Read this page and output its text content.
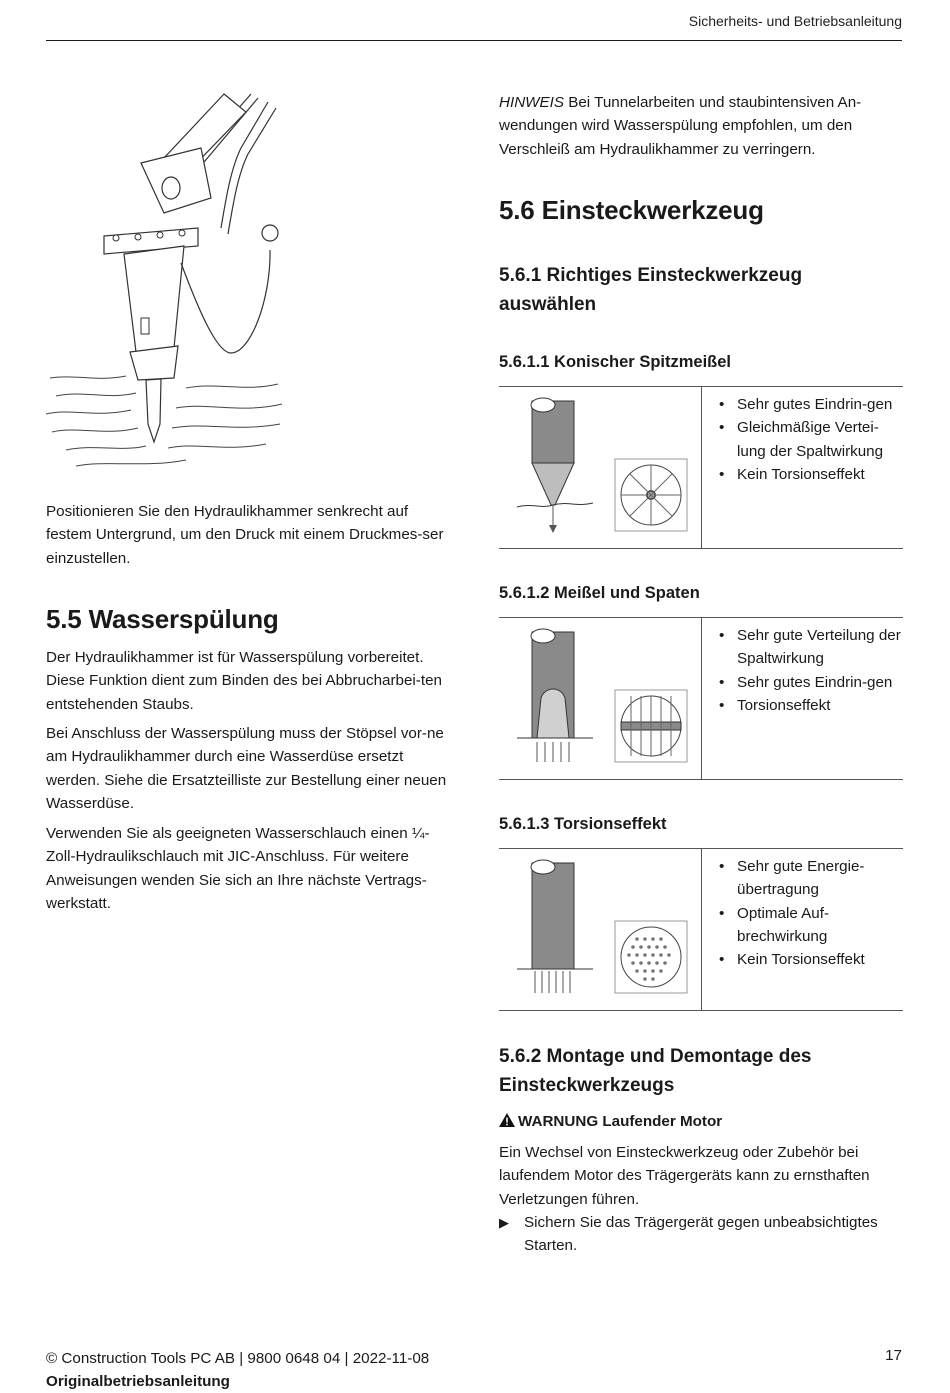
Sicherheits- und Betriebsanleitung

Positionieren Sie den Hydraulikhammer senkrecht auf festem Untergrund, um den Druck mit einem Druckmes-ser einzustellen.

5.5 Wasserspülung

Der Hydraulikhammer ist für Wasserspülung vorbereitet. Diese Funktion dient zum Binden des bei Abbrucharbei-ten entstehenden Staubs.

Bei Anschluss der Wasserspülung muss der Stöpsel vor-ne am Hydraulikhammer durch eine Wasserdüse ersetzt werden. Siehe die Ersatzteilliste zur Bestellung einer neuen Wasserdüse.

Verwenden Sie als geeigneten Wasserschlauch einen ¼-Zoll-Hydraulikschlauch mit JIC-Anschluss. Für weitere Anweisungen wenden Sie sich an Ihre nächste Vertrags-werkstatt.

HINWEIS Bei Tunnelarbeiten und staubintensiven An-wendungen wird Wasserspülung empfohlen, um den Verschleiß am Hydraulikhammer zu verringern.

5.6 Einsteckwerkzeug
5.6.1 Richtiges Einsteckwerkzeug auswählen
5.6.1.1 Konischer Spitzmeißel
• Sehr gutes Eindrin-gen
• Gleichmäßige Vertei-lung der Spaltwirkung
• Kein Torsionseffekt
5.6.1.2 Meißel und Spaten
• Sehr gute Verteilung der Spaltwirkung
• Sehr gutes Eindrin-gen
• Torsionseffekt
5.6.1.3 Torsionseffekt
• Sehr gute Energie-übertragung
• Optimale Auf-brechwirkung
• Kein Torsionseffekt
5.6.2 Montage und Demontage des Einsteckwerkzeugs
WARNUNG Laufender Motor

Ein Wechsel von Einsteckwerkzeug oder Zubehör bei laufendem Motor des Trägergeräts kann zu ernsthaften Verletzungen führen.

▶ Sichern Sie das Trägergerät gegen unbeabsichtigtes Starten.

© Construction Tools PC AB | 9800 0648 04 | 2022-11-08
Originalbetriebsanleitung
17
